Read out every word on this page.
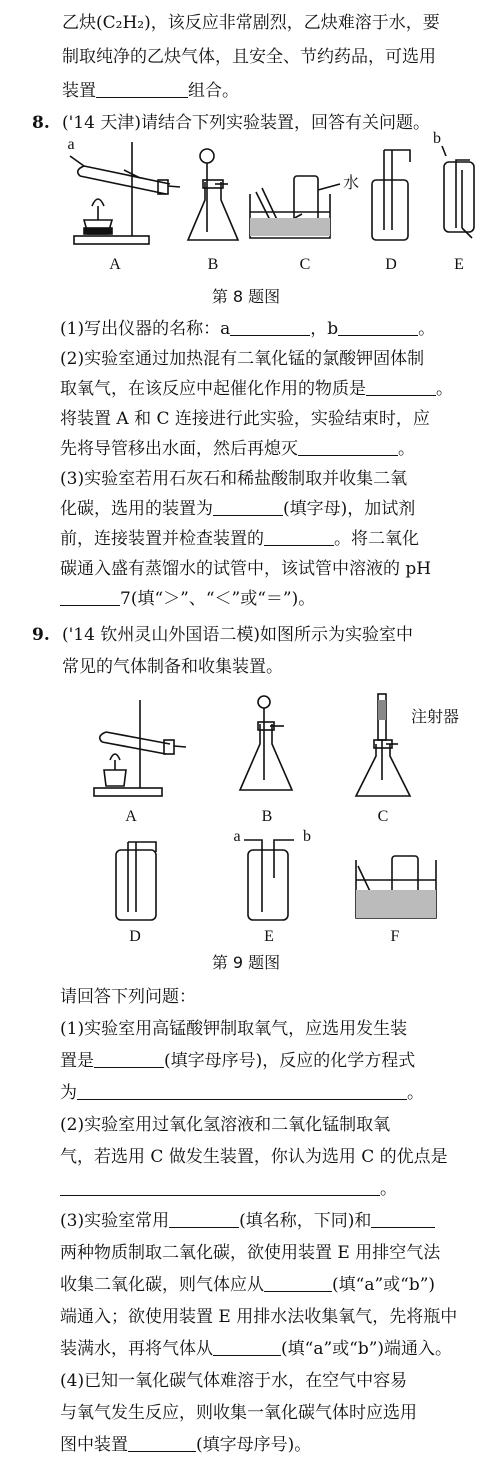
乙炔(C₂H₂)，该反应非常剧烈，乙炔难溶于水，要
制取纯净的乙炔气体，且安全、节约药品，可选用
装置	组合。
8. ('14 天津)请结合下列实验装置，回答有关问题。
a	b
水
A	B	C	D	E
第 8 题图
(1)写出仪器的名称：a	，b	。
(2)实验室通过加热混有二氧化锰的氯酸钾固体制
取氧气，在该反应中起催化作用的物质是	。
将装置 A 和 C 连接进行此实验，实验结束时，应
先将导管移出水面，然后再熄灭	。
(3)实验室若用石灰石和稀盐酸制取并收集二氧
化碳，选用的装置为	(填字母)，加试剂
前，连接装置并检查装置的	。将二氧化
碳通入盛有蒸馏水的试管中，该试管中溶液的 pH
7(填“＞”、“＜”或“＝”)。
9. ('14 钦州灵山外国语二模)如图所示为实验室中
常见的气体制备和收集装置。
A	B	C
D	E	F
注射器
a	b
第 9 题图
请回答下列问题：
(1)实验室用高锰酸钾制取氧气，应选用发生装
置是	(填字母序号)，反应的化学方程式
为	。
(2)实验室用过氧化氢溶液和二氧化锰制取氧
气，若选用 C 做发生装置，你认为选用 C 的优点是
。
(3)实验室常用	(填名称，下同)和
两种物质制取二氧化碳，欲使用装置 E 用排空气法
收集二氧化碳，则气体应从	(填“a”或“b”)
端通入；欲使用装置 E 用排水法收集氧气，先将瓶中
装满水，再将气体从	(填“a”或“b”)端通入。
(4)已知一氧化碳气体难溶于水，在空气中容易
与氧气发生反应，则收集一氧化碳气体时应选用
图中装置	(填字母序号)。
